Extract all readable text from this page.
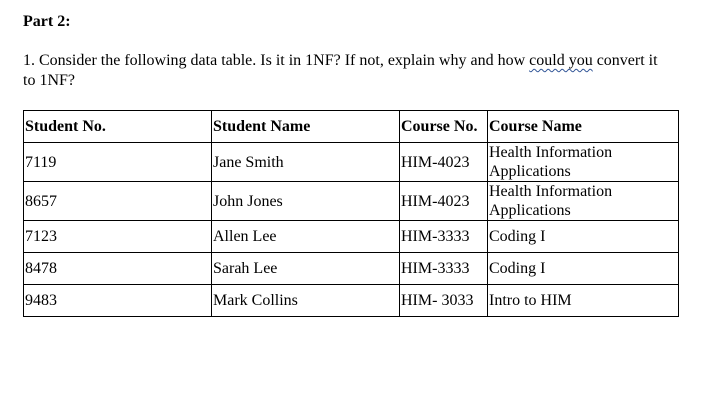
Part 2:
1. Consider the following data table. Is it in 1NF? If not, explain why and how could you convert it to 1NF?
Student No.	Student Name	Course No.	Course Name
7119	Jane Smith	HIM-4023	Health Information Applications
8657	John Jones	HIM-4023	Health Information Applications
7123	Allen Lee	HIM-3333	Coding I
8478	Sarah Lee	HIM-3333	Coding I
9483	Mark Collins	HIM- 3033	Intro to HIM
